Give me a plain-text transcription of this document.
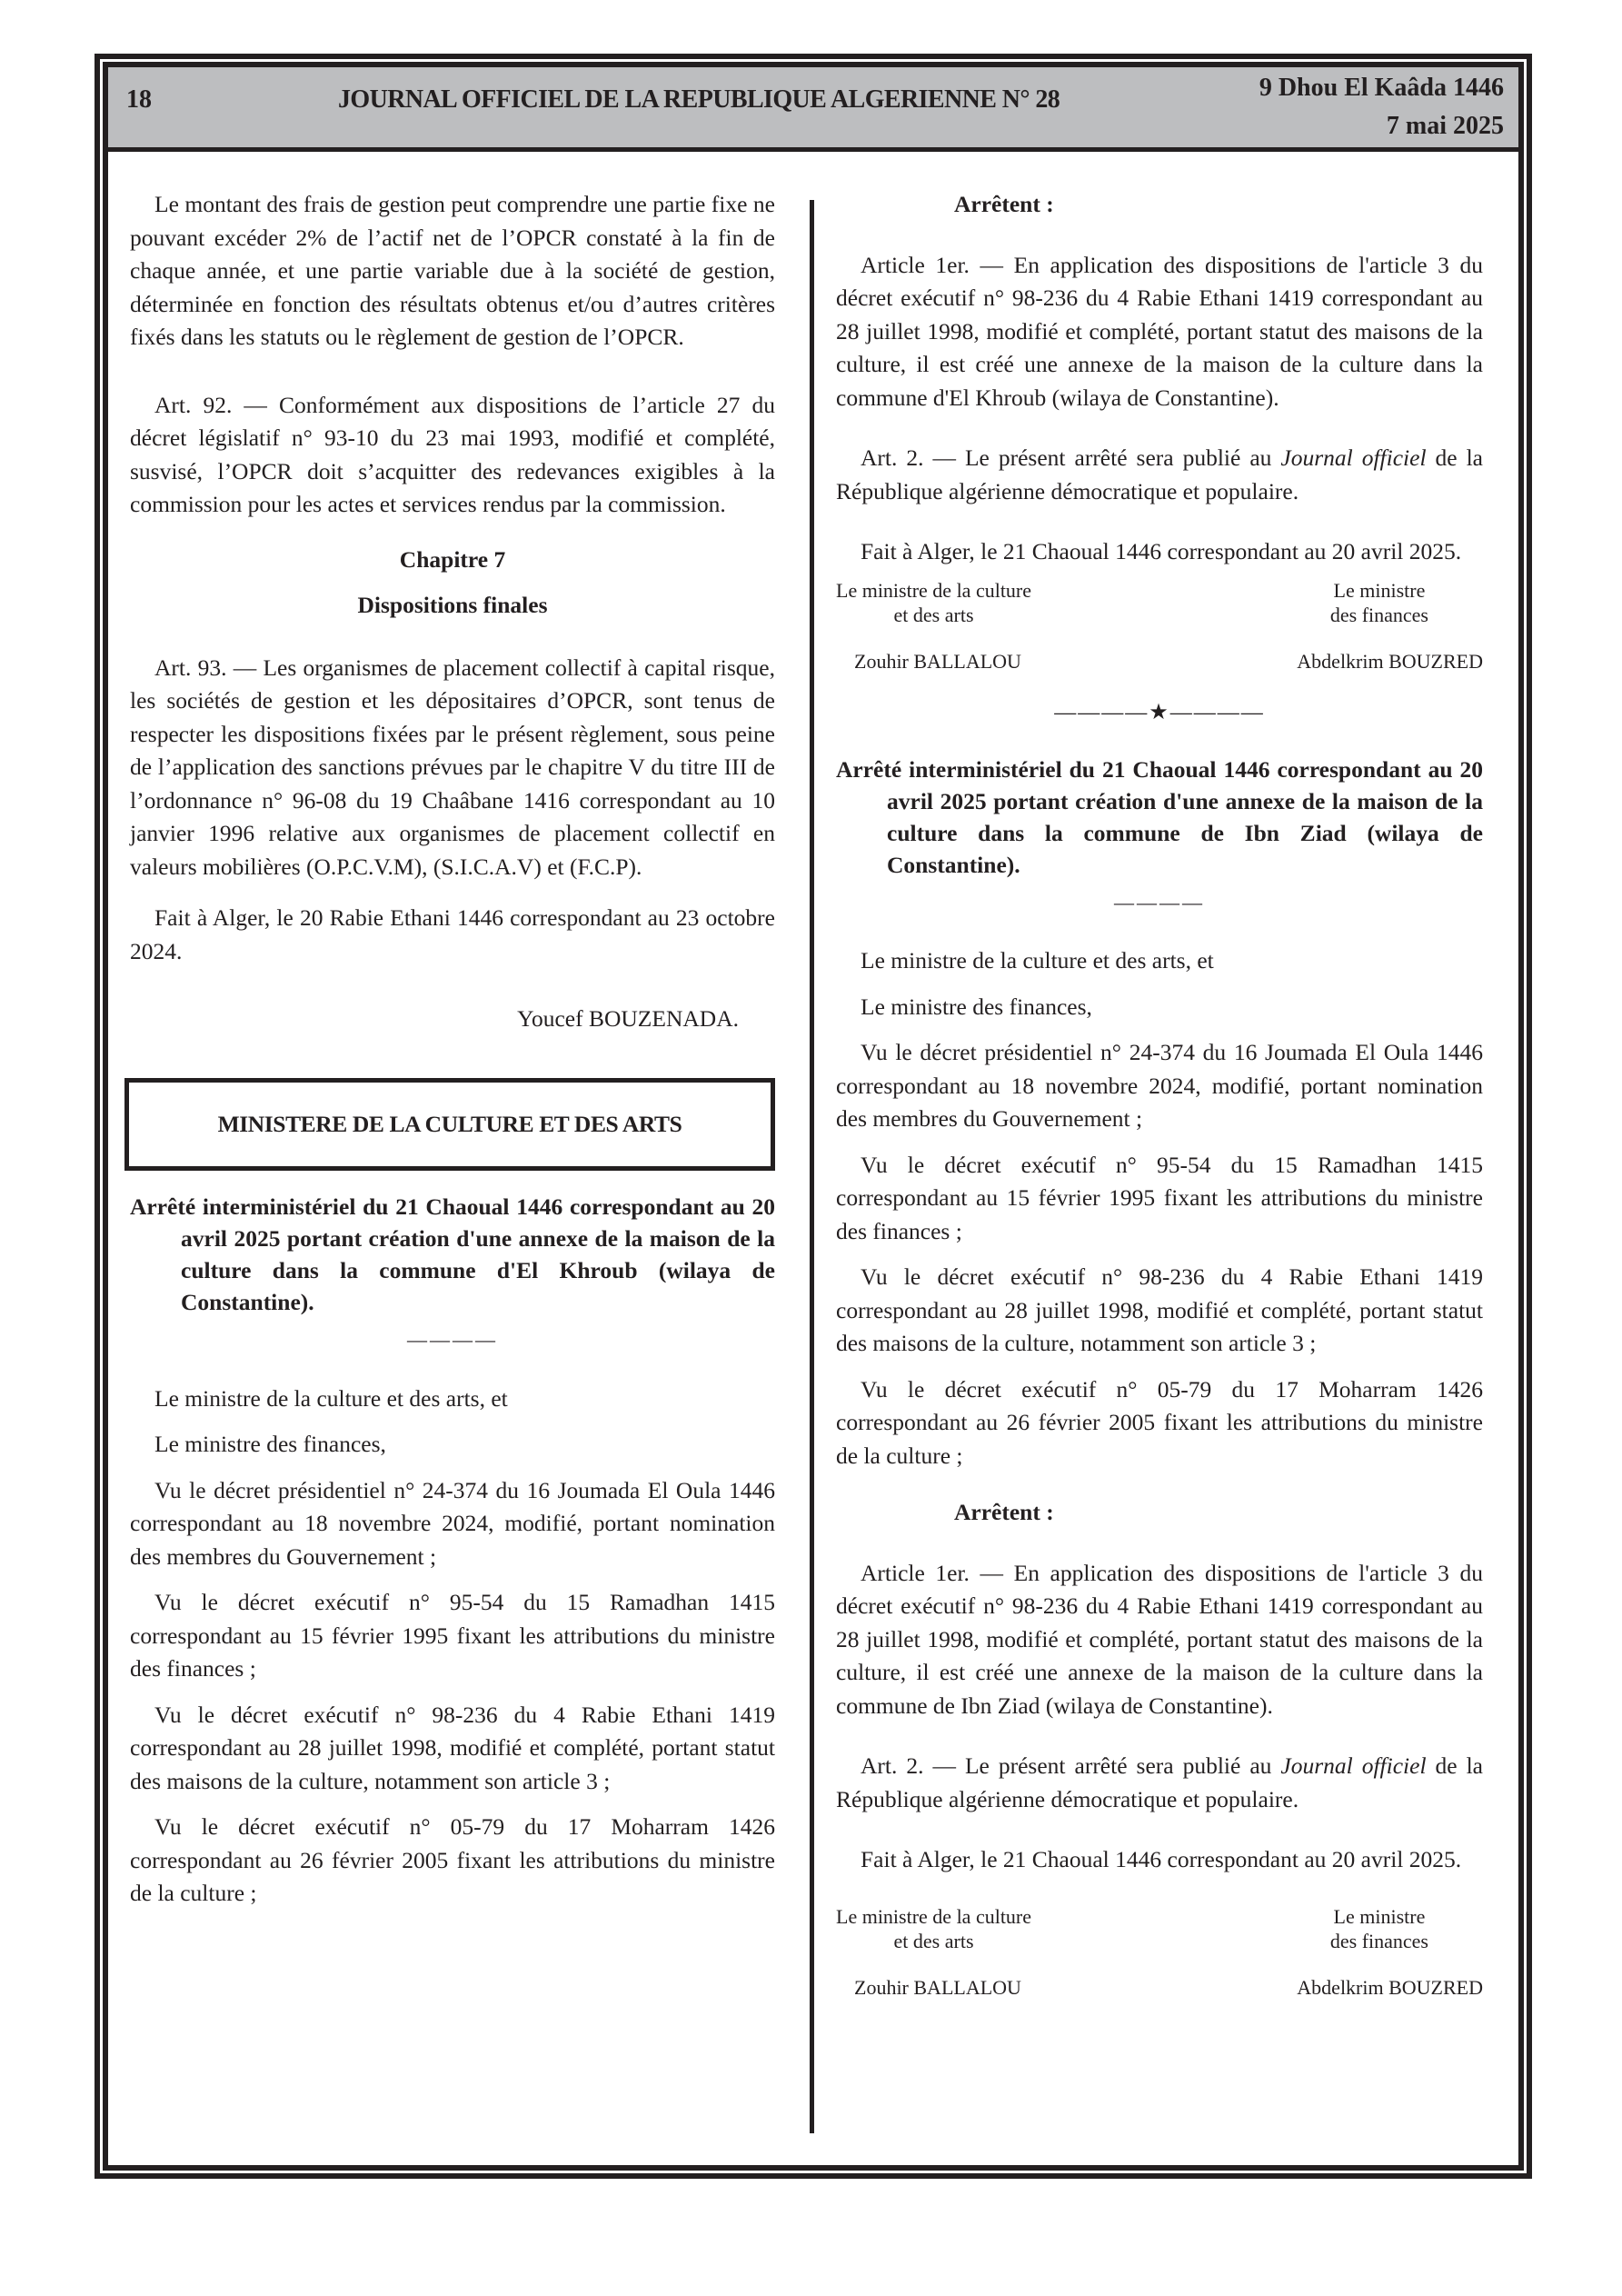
18	JOURNAL OFFICIEL DE LA REPUBLIQUE ALGERIENNE N° 28	9 Dhou El Kaâda 1446
7 mai 2025

Le montant des frais de gestion peut comprendre une partie fixe ne pouvant excéder 2% de l’actif net de l’OPCR constaté à la fin de chaque année, et une partie variable due à la société de gestion, déterminée en fonction des résultats obtenus et/ou d’autres critères fixés dans les statuts ou le règlement de gestion de l’OPCR.

Art. 92. — Conformément aux dispositions de l’article 27 du décret législatif n° 93-10 du 23 mai 1993, modifié et complété, susvisé, l’OPCR doit s’acquitter des redevances exigibles à la commission pour les actes et services rendus par la commission.

Chapitre 7
Dispositions finales

Art. 93. — Les organismes de placement collectif à capital risque, les sociétés de gestion et les dépositaires d’OPCR, sont tenus de respecter les dispositions fixées par le présent règlement, sous peine de l’application des sanctions prévues par le chapitre V du titre III de l’ordonnance n° 96-08 du 19 Chaâbane 1416 correspondant au 10 janvier 1996 relative aux organismes de placement collectif en valeurs mobilières (O.P.C.V.M), (S.I.C.A.V) et (F.C.P).

Fait à Alger, le 20 Rabie Ethani 1446 correspondant au 23 octobre 2024.

Youcef BOUZENADA.
MINISTERE DE LA CULTURE ET DES ARTS

Arrêté interministériel du 21 Chaoual 1446 correspondant au 20 avril 2025 portant création d'une annexe de la maison de la culture dans la commune d'El Khroub (wilaya de Constantine).

————

Le ministre de la culture et des arts, et

Le ministre des finances,

Vu le décret présidentiel n° 24-374 du 16 Joumada El Oula 1446 correspondant au 18 novembre 2024, modifié, portant nomination des membres du Gouvernement ;

Vu le décret exécutif n° 95-54 du 15 Ramadhan 1415 correspondant au 15 février 1995 fixant les attributions du ministre des finances ;

Vu le décret exécutif n° 98-236 du 4 Rabie Ethani 1419 correspondant au 28 juillet 1998, modifié et complété, portant statut des maisons de la culture, notamment son article 3 ;

Vu le décret exécutif n° 05-79 du 17 Moharram 1426 correspondant au 26 février 2005 fixant les attributions du ministre de la culture ;

Arrêtent :

Article 1er. — En application des dispositions de l'article 3 du décret exécutif n° 98-236 du 4 Rabie Ethani 1419 correspondant au 28 juillet 1998, modifié et complété, portant statut des maisons de la culture, il est créé une annexe de la maison de la culture dans la commune d'El Khroub (wilaya de Constantine).

Art. 2. — Le présent arrêté sera publié au Journal officiel de la République algérienne démocratique et populaire.

Fait à Alger, le 21 Chaoual 1446 correspondant au 20 avril 2025.

Le ministre de la culture
et des arts
Le ministre
des finances
Zouhir BALLALOU	Abdelkrim BOUZRED
————★————

Arrêté interministériel du 21 Chaoual 1446 correspondant au 20 avril 2025 portant création d'une annexe de la maison de la culture dans la commune de Ibn Ziad (wilaya de Constantine).

————

Le ministre de la culture et des arts, et

Le ministre des finances,

Vu le décret présidentiel n° 24-374 du 16 Joumada El Oula 1446 correspondant au 18 novembre 2024, modifié, portant nomination des membres du Gouvernement ;

Vu le décret exécutif n° 95-54 du 15 Ramadhan 1415 correspondant au 15 février 1995 fixant les attributions du ministre des finances ;

Vu le décret exécutif n° 98-236 du 4 Rabie Ethani 1419 correspondant au 28 juillet 1998, modifié et complété, portant statut des maisons de la culture, notamment son article 3 ;

Vu le décret exécutif n° 05-79 du 17 Moharram 1426 correspondant au 26 février 2005 fixant les attributions du ministre de la culture ;

Arrêtent :

Article 1er. — En application des dispositions de l'article 3 du décret exécutif n° 98-236 du 4 Rabie Ethani 1419 correspondant au 28 juillet 1998, modifié et complété, portant statut des maisons de la culture, il est créé une annexe de la maison de la culture dans la commune de Ibn Ziad (wilaya de Constantine).

Art. 2. — Le présent arrêté sera publié au Journal officiel de la République algérienne démocratique et populaire.

Fait à Alger, le 21 Chaoual 1446 correspondant au 20 avril 2025.

Le ministre de la culture
et des arts
Le ministre
des finances
Zouhir BALLALOU	Abdelkrim BOUZRED
